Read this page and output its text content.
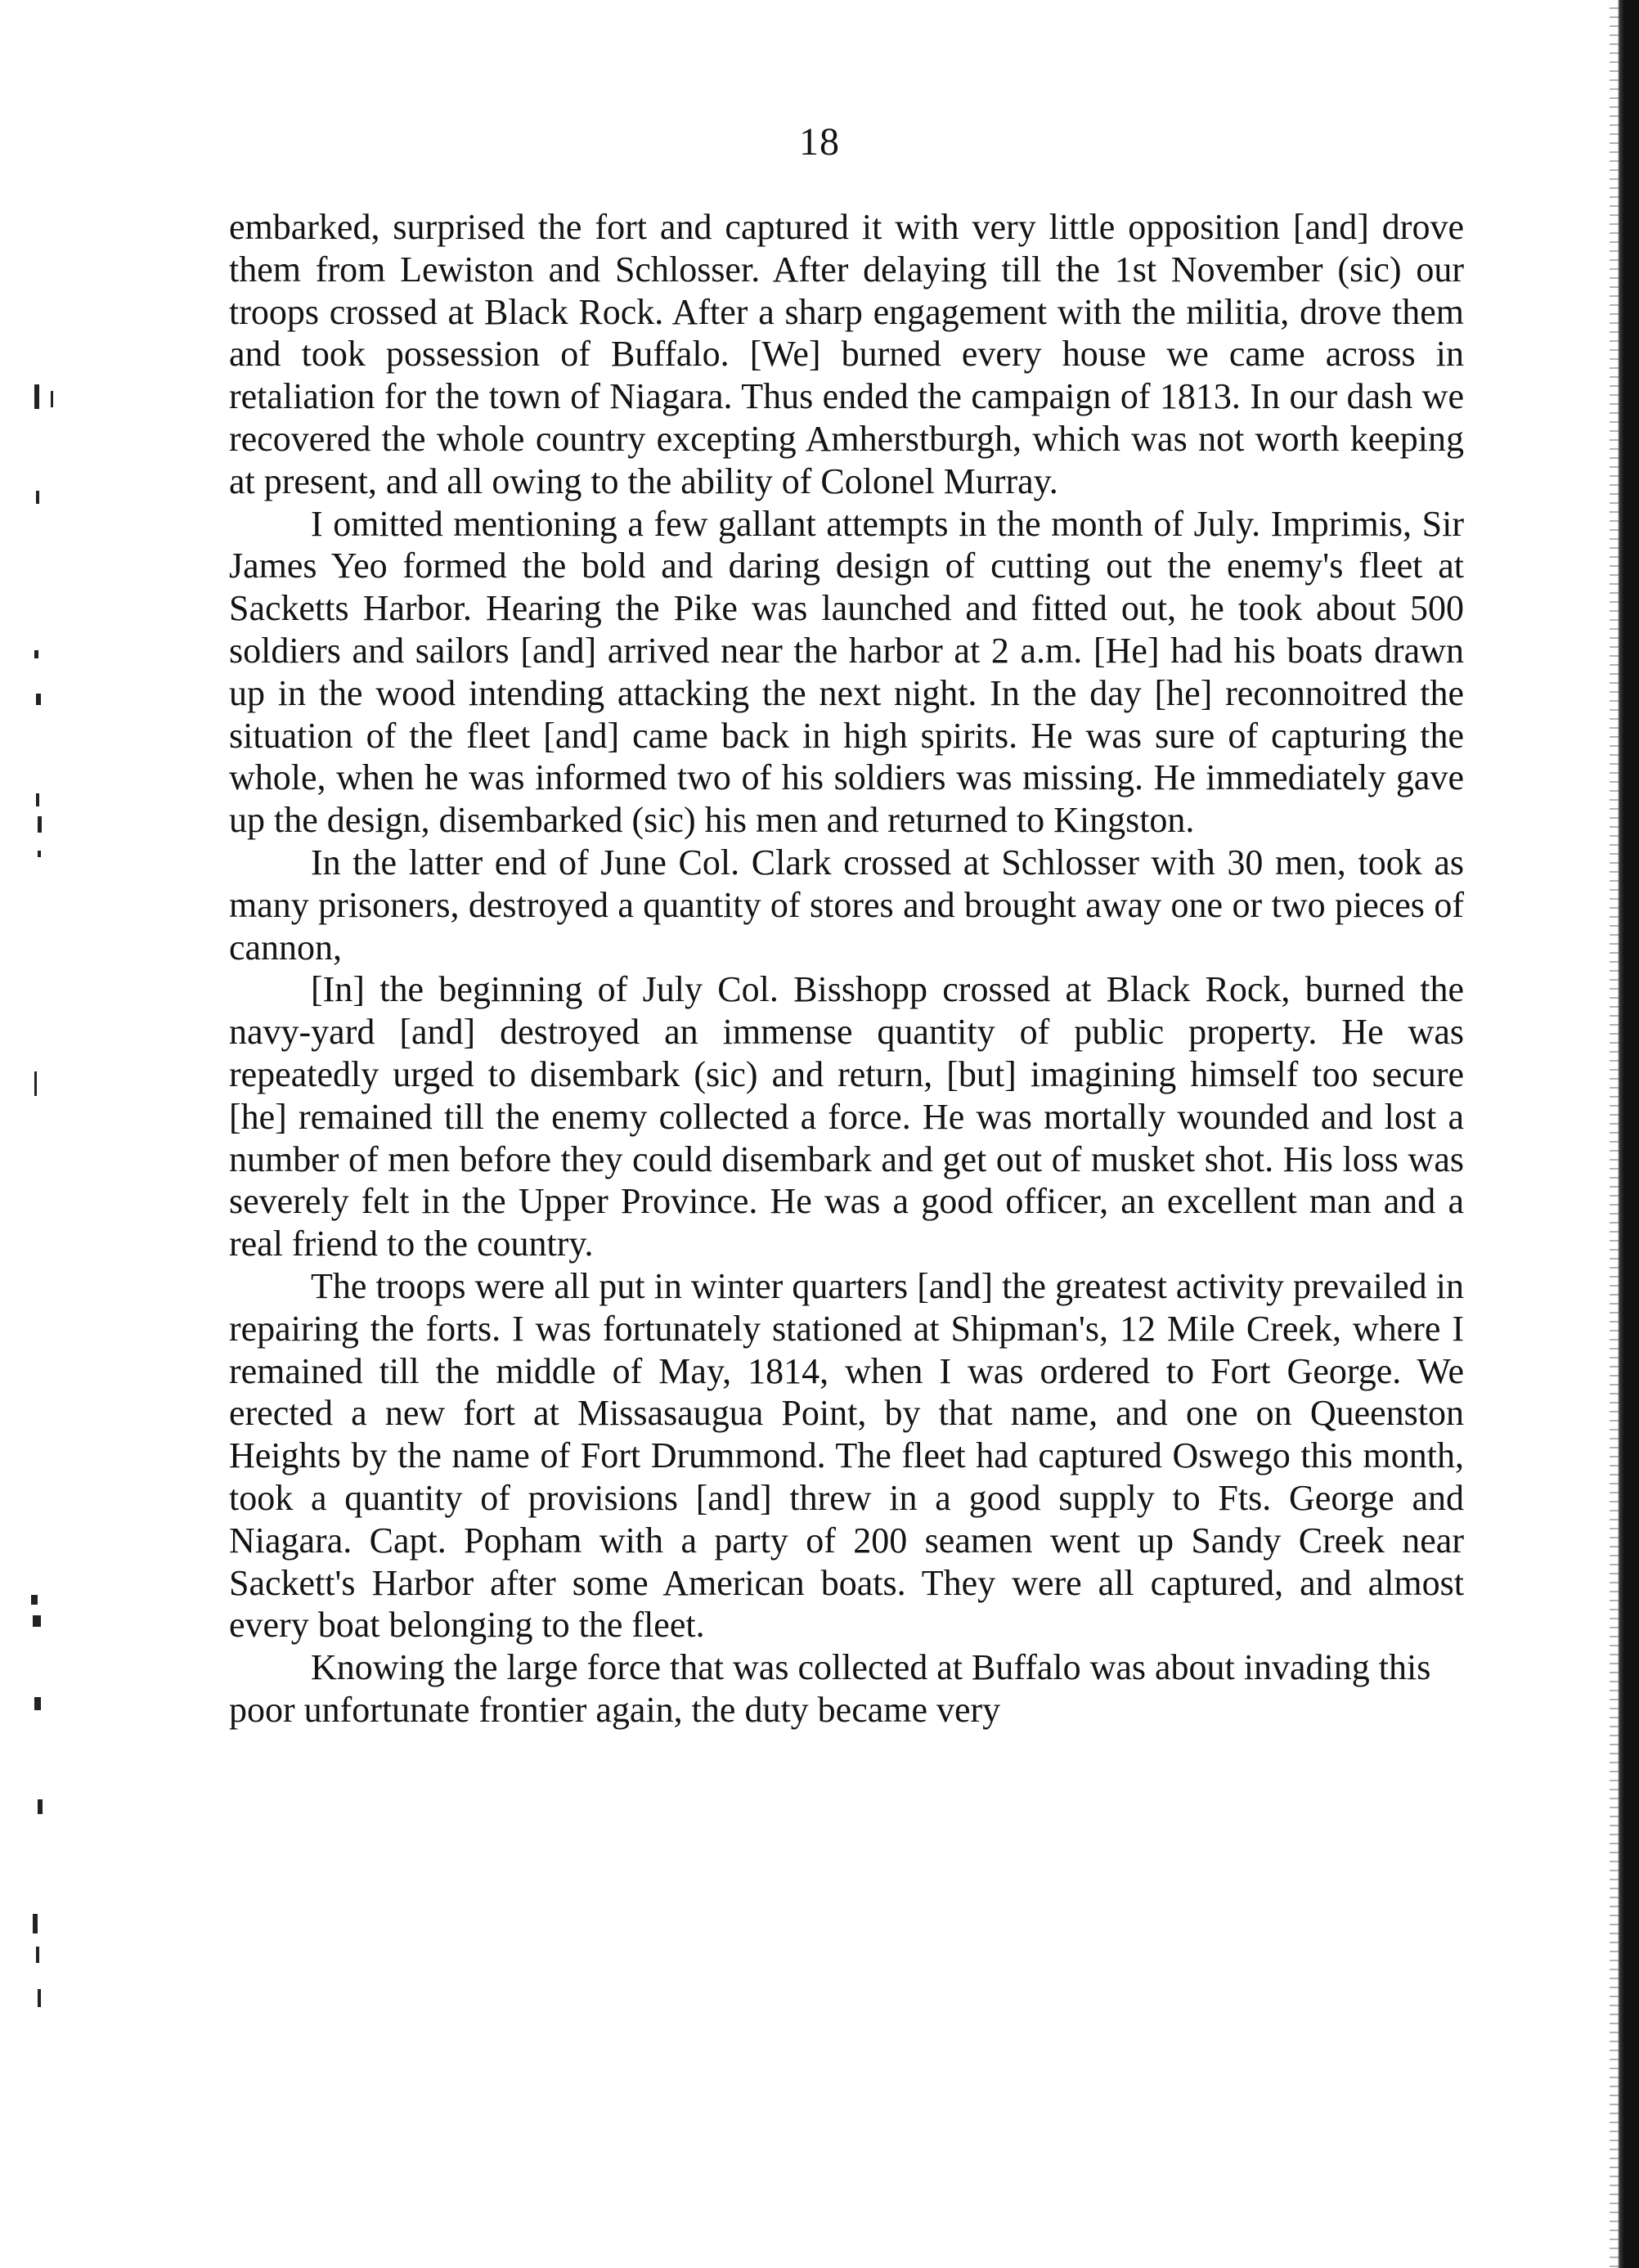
18

embarked, surprised the fort and captured it with very little opposition [and] drove them from Lewiston and Schlosser. After delaying till the 1st November (sic) our troops crossed at Black Rock. After a sharp engagement with the militia, drove them and took possession of Buffalo. [We] burned every house we came across in retaliation for the town of Niagara. Thus ended the campaign of 1813. In our dash we recovered the whole country excepting Amherstburgh, which was not worth keeping at present, and all owing to the ability of Colonel Murray.

I omitted mentioning a few gallant attempts in the month of July. Imprimis, Sir James Yeo formed the bold and daring design of cutting out the enemy's fleet at Sacketts Harbor. Hearing the Pike was launched and fitted out, he took about 500 soldiers and sailors [and] arrived near the harbor at 2 a.m. [He] had his boats drawn up in the wood intending attacking the next night. In the day [he] reconnoitred the situation of the fleet [and] came back in high spirits. He was sure of capturing the whole, when he was informed two of his soldiers was missing. He immediately gave up the design, disembarked (sic) his men and returned to Kingston.

In the latter end of June Col. Clark crossed at Schlosser with 30 men, took as many prisoners, destroyed a quantity of stores and brought away one or two pieces of cannon,

[In] the beginning of July Col. Bisshopp crossed at Black Rock, burned the navy-yard [and] destroyed an immense quantity of public property. He was repeatedly urged to disembark (sic) and return, [but] imagining himself too secure [he] remained till the enemy collected a force. He was mortally wounded and lost a number of men before they could disembark and get out of musket shot. His loss was severely felt in the Upper Province. He was a good officer, an excellent man and a real friend to the country.

The troops were all put in winter quarters [and] the greatest activity prevailed in repairing the forts. I was fortunately stationed at Shipman's, 12 Mile Creek, where I remained till the middle of May, 1814, when I was ordered to Fort George. We erected a new fort at Missasaugua Point, by that name, and one on Queenston Heights by the name of Fort Drummond. The fleet had captured Oswego this month, took a quantity of provisions [and] threw in a good supply to Fts. George and Niagara. Capt. Popham with a party of 200 seamen went up Sandy Creek near Sackett's Harbor after some American boats. They were all captured, and almost every boat belonging to the fleet.

Knowing the large force that was collected at Buffalo was about invading this poor unfortunate frontier again, the duty became very
